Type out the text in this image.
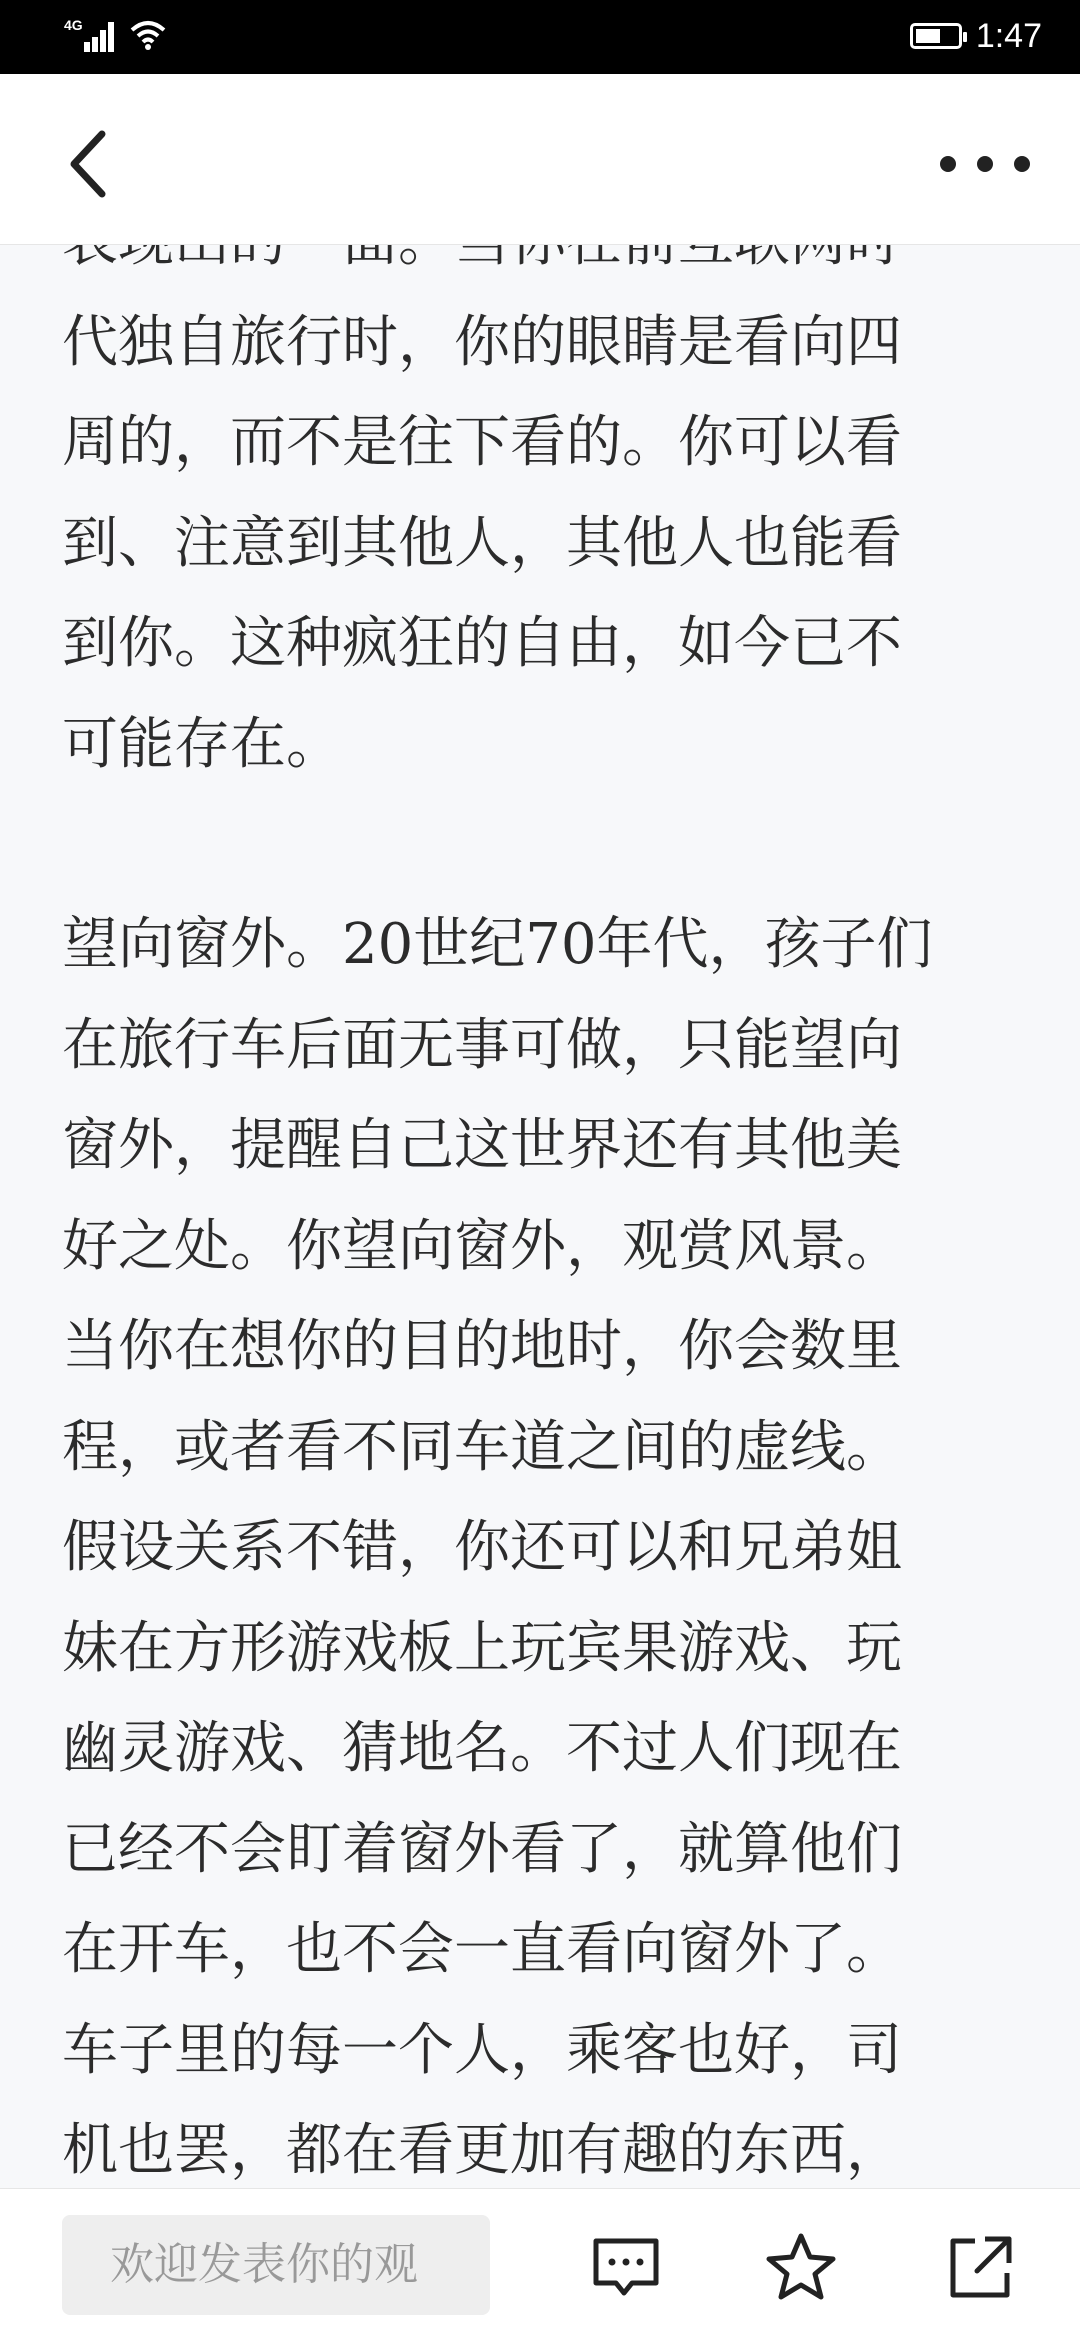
4G	1:47

代独自旅行时，你的眼睛是看向四
周的，而不是往下看的。你可以看
到、注意到其他人，其他人也能看
到你。这种疯狂的自由，如今已不
可能存在。

望向窗外。20世纪70年代，孩子们
在旅行车后面无事可做，只能望向
窗外，提醒自己这世界还有其他美
好之处。你望向窗外，观赏风景。
当你在想你的目的地时，你会数里
程，或者看不同车道之间的虚线。
假设关系不错，你还可以和兄弟姐
妹在方形游戏板上玩宾果游戏、玩
幽灵游戏、猜地名。不过人们现在
已经不会盯着窗外看了，就算他们
在开车，也不会一直看向窗外了。
车子里的每一个人，乘客也好，司
机也罢，都在看更加有趣的东西，

欢迎发表你的观
